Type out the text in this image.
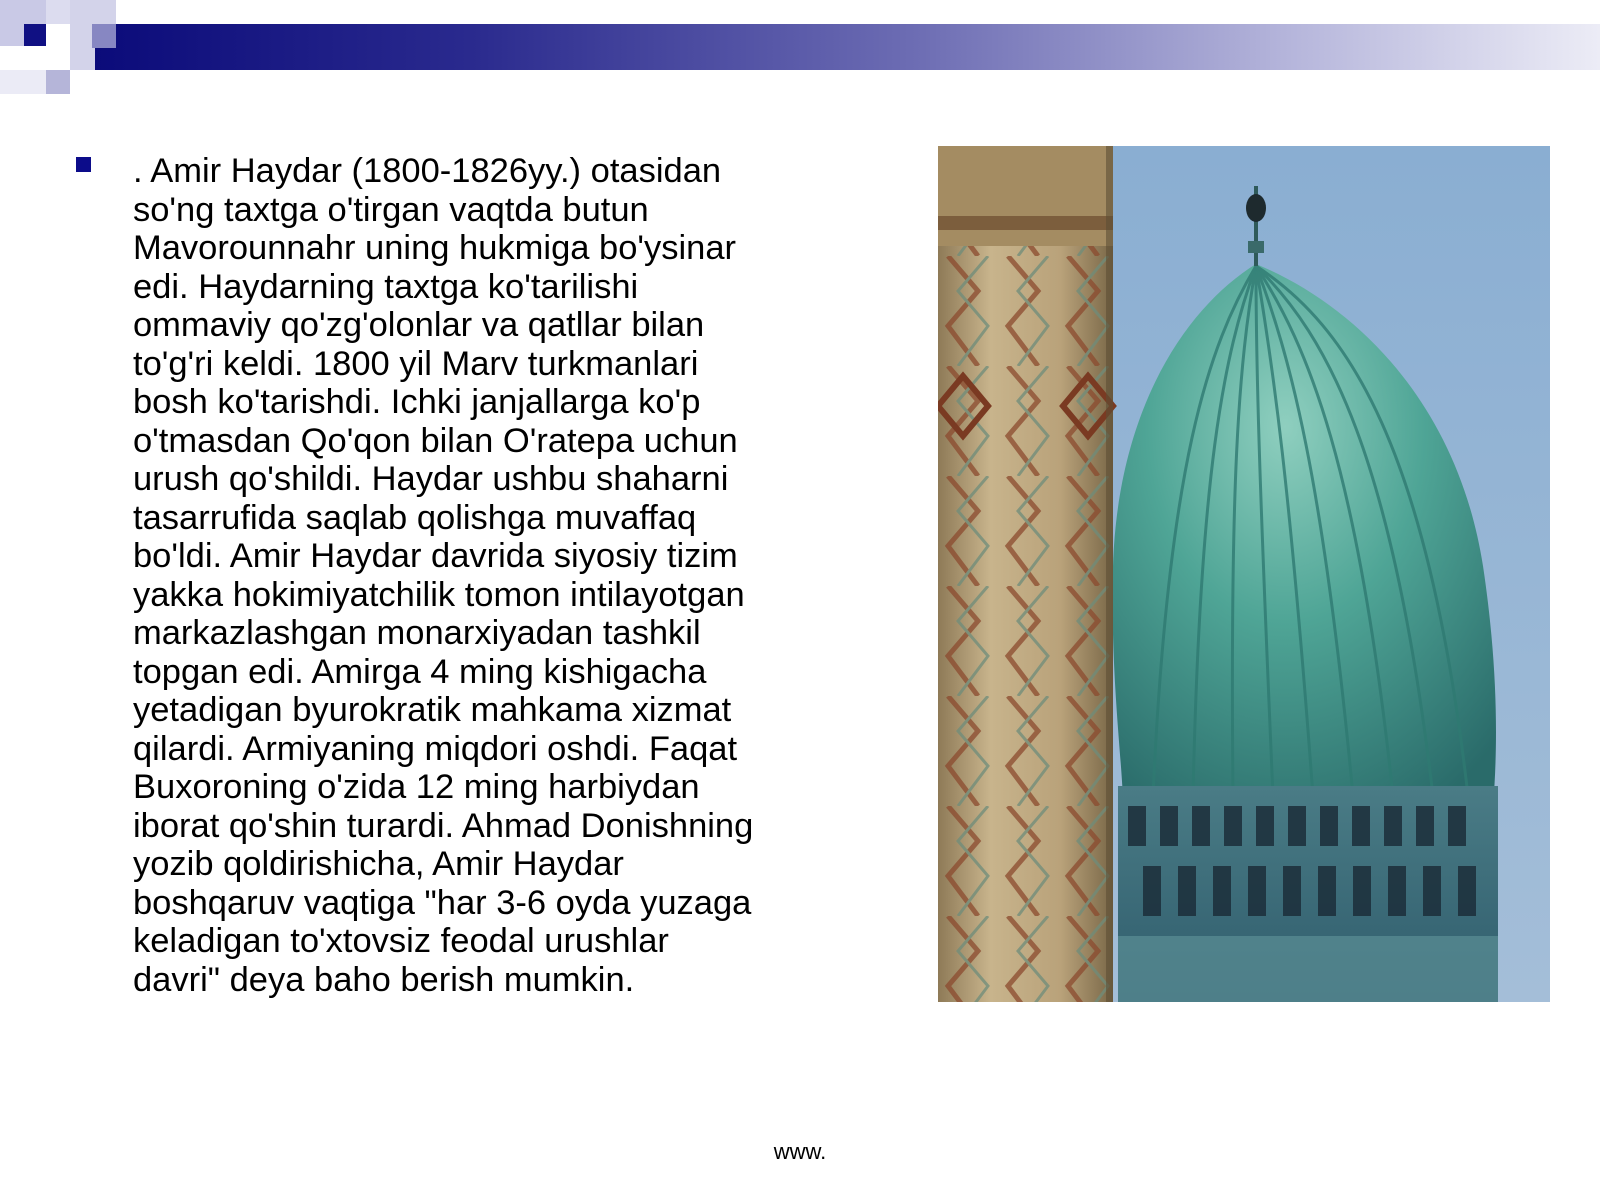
. Amir Haydar (1800-1826yy.) otasidan
so'ng taxtga o'tirgan vaqtda butun
Mavorounnahr uning hukmiga bo'ysinar
edi. Haydarning taxtga ko'tarilishi
ommaviy qo'zg'olonlar va qatllar bilan
to'g'ri keldi. 1800 yil Marv turkmanlari
bosh ko'tarishdi. Ichki janjallarga ko'p
o'tmasdan Qo'qon bilan O'ratepa uchun
urush qo'shildi. Haydar ushbu shaharni
tasarrufida saqlab qolishga muvaffaq
bo'ldi. Amir Haydar davrida siyosiy tizim
yakka hokimiyatchilik tomon intilayotgan
markazlashgan monarxiyadan tashkil
topgan edi. Amirga 4 ming kishigacha
yetadigan byurokratik mahkama xizmat
qilardi. Armiyaning miqdori oshdi. Faqat
Buxoroning o'zida 12 ming harbiydan
iborat qo'shin turardi. Ahmad Donishning
yozib qoldirishicha, Amir Haydar
boshqaruv vaqtiga "har 3-6 oyda yuzaga
keladigan to'xtovsiz feodal urushlar
davri" deya baho berish mumkin.

www.
